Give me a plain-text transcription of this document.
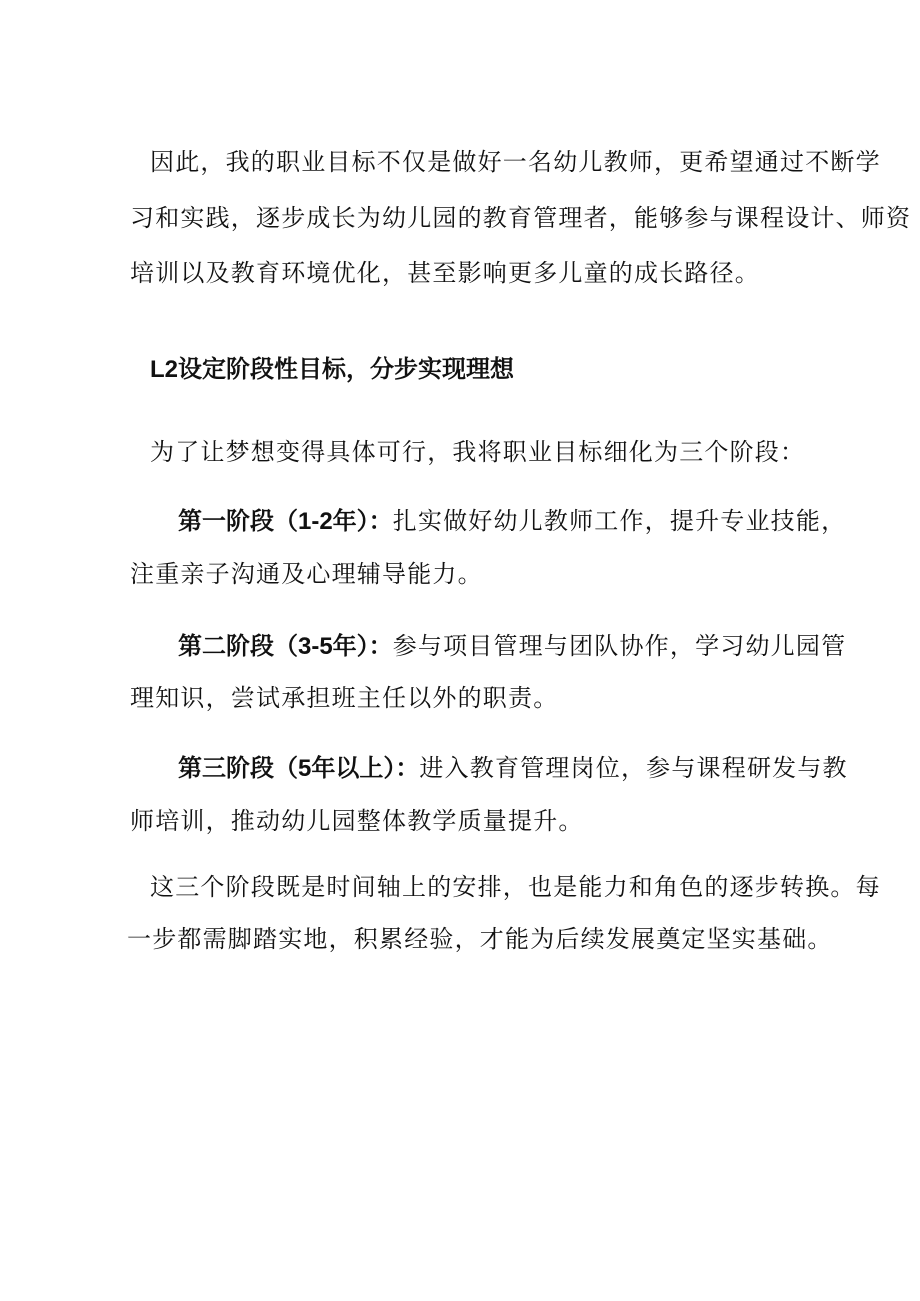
因此，我的职业目标不仅是做好一名幼儿教师，更希望通过不断学
习和实践，逐步成长为幼儿园的教育管理者，能够参与课程设计、师资
培训以及教育环境优化，甚至影响更多儿童的成长路径。
L2设定阶段性目标，分步实现理想
为了让梦想变得具体可行，我将职业目标细化为三个阶段：
第一阶段（1-2年）：扎实做好幼儿教师工作，提升专业技能，
注重亲子沟通及心理辅导能力。
第二阶段（3-5年）：参与项目管理与团队协作，学习幼儿园管
理知识，尝试承担班主任以外的职责。
第三阶段（5年以上）：进入教育管理岗位，参与课程研发与教
师培训，推动幼儿园整体教学质量提升。
这三个阶段既是时间轴上的安排，也是能力和角色的逐步转换。每
一步都需脚踏实地，积累经验，才能为后续发展奠定坚实基础。
